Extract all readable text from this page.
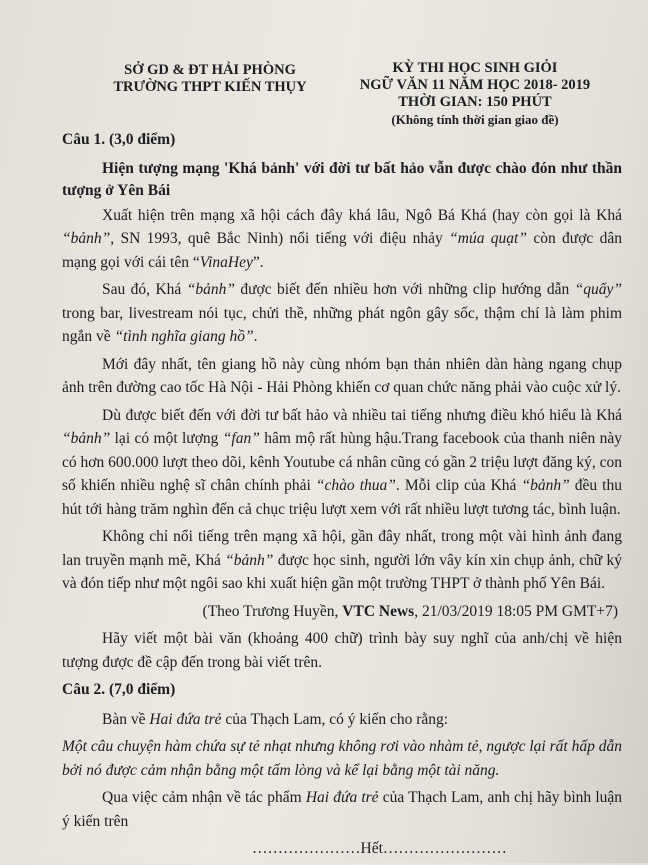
SỞ GD & ĐT HẢI PHÒNG
TRƯỜNG THPT KIẾN THỤY
KỲ THI HỌC SINH GIỎI
NGỮ VĂN 11 NĂM HỌC 2018- 2019
THỜI GIAN: 150 PHÚT
(Không tính thời gian giao đề)
Câu 1. (3,0 điểm)
Hiện tượng mạng 'Khá bảnh' với đời tư bất hảo vẫn được chào đón như thần tượng ở Yên Bái

Xuất hiện trên mạng xã hội cách đây khá lâu, Ngô Bá Khá (hay còn gọi là Khá “bảnh”, SN 1993, quê Bắc Ninh) nổi tiếng với điệu nhảy “múa quạt” còn được dân mạng gọi với cái tên “VinaHey”.

Sau đó, Khá “bảnh” được biết đến nhiều hơn với những clip hướng dẫn “quẩy” trong bar, livestream nói tục, chửi thề, những phát ngôn gây sốc, thậm chí là làm phim ngắn về “tình nghĩa giang hồ”.

Mới đây nhất, tên giang hồ này cùng nhóm bạn thản nhiên dàn hàng ngang chụp ảnh trên đường cao tốc Hà Nội - Hải Phòng khiến cơ quan chức năng phải vào cuộc xử lý.

Dù được biết đến với đời tư bất hảo và nhiều tai tiếng nhưng điều khó hiểu là Khá “bảnh” lại có một lượng “fan” hâm mộ rất hùng hậu.Trang facebook của thanh niên này có hơn 600.000 lượt theo dõi, kênh Youtube cá nhân cũng có gần 2 triệu lượt đăng ký, con số khiến nhiều nghệ sĩ chân chính phải “chào thua”. Mỗi clip của Khá “bảnh” đều thu hút tới hàng trăm nghìn đến cả chục triệu lượt xem với rất nhiều lượt tương tác, bình luận.

Không chỉ nổi tiếng trên mạng xã hội, gần đây nhất, trong một vài hình ảnh đang lan truyền mạnh mẽ, Khá “bảnh” được học sinh, người lớn vây kín xin chụp ảnh, chữ ký và đón tiếp như một ngôi sao khi xuất hiện gần một trường THPT ở thành phố Yên Bái.

(Theo Trương Huyền, VTC News, 21/03/2019 18:05 PM GMT+7)

Hãy viết một bài văn (khoảng 400 chữ) trình bày suy nghĩ của anh/chị về hiện tượng được đề cập đến trong bài viết trên.

Câu 2. (7,0 điểm)

Bàn về Hai đứa trẻ của Thạch Lam, có ý kiến cho rằng:

Một câu chuyện hàm chứa sự tẻ nhạt nhưng không rơi vào nhàm tẻ, ngược lại rất hấp dẫn bởi nó được cảm nhận bằng một tấm lòng và kể lại bằng một tài năng.

Qua việc cảm nhận về tác phẩm Hai đứa trẻ của Thạch Lam, anh chị hãy bình luận ý kiến trên

…………………Hết……………………
